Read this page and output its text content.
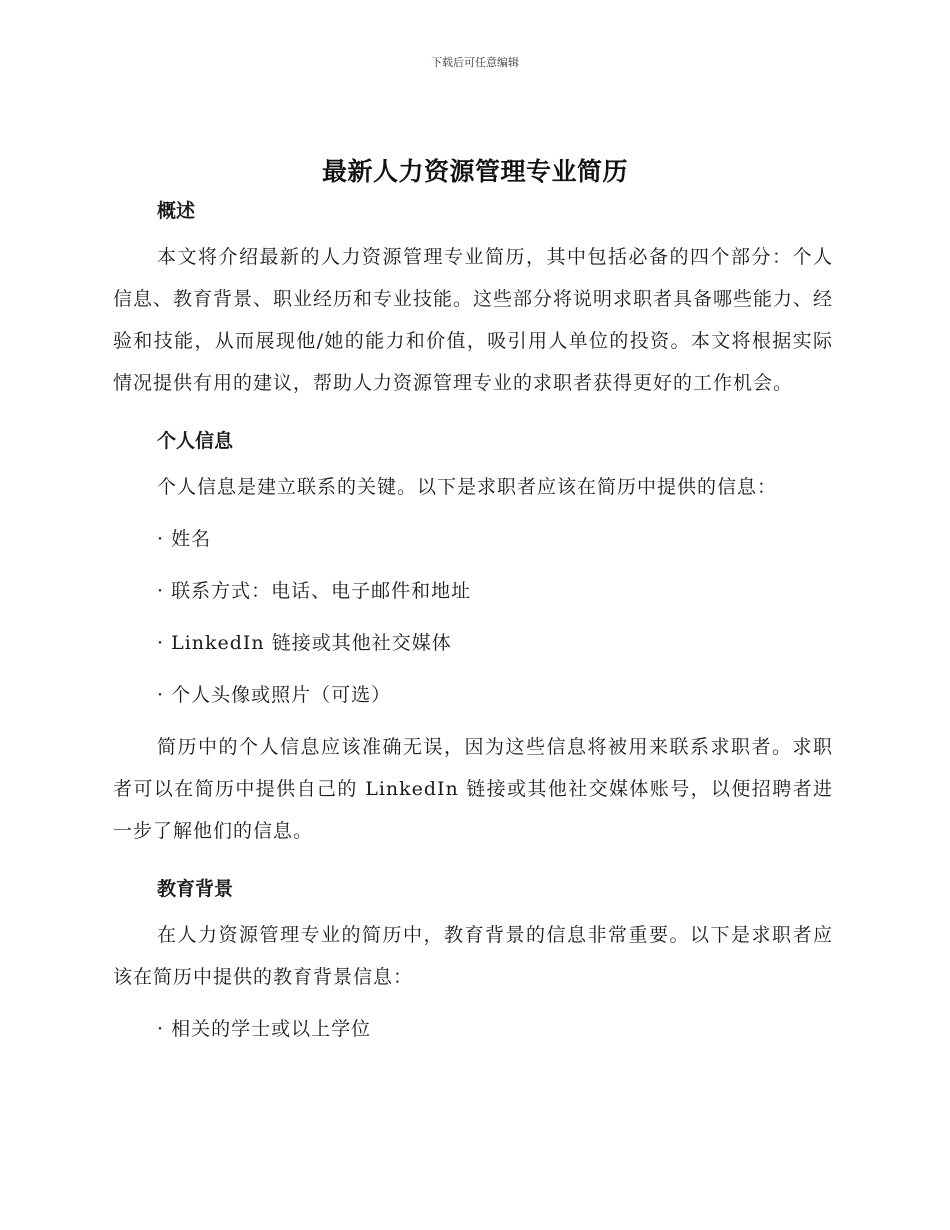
下载后可任意编辑
最新人力资源管理专业简历
概述

本文将介绍最新的人力资源管理专业简历，其中包括必备的四个部分：个人信息、教育背景、职业经历和专业技能。这些部分将说明求职者具备哪些能力、经验和技能，从而展现他/她的能力和价值，吸引用人单位的投资。本文将根据实际情况提供有用的建议，帮助人力资源管理专业的求职者获得更好的工作机会。

个人信息

个人信息是建立联系的关键。以下是求职者应该在简历中提供的信息：

· 姓名

· 联系方式：电话、电子邮件和地址

· LinkedIn 链接或其他社交媒体

· 个人头像或照片（可选）

简历中的个人信息应该准确无误，因为这些信息将被用来联系求职者。求职者可以在简历中提供自己的 LinkedIn 链接或其他社交媒体账号，以便招聘者进一步了解他们的信息。

教育背景

在人力资源管理专业的简历中，教育背景的信息非常重要。以下是求职者应该在简历中提供的教育背景信息：

· 相关的学士或以上学位
